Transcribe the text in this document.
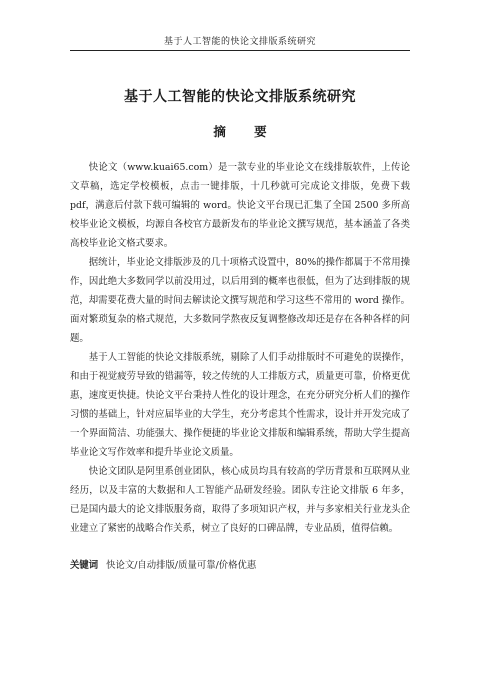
基于人工智能的快论文排版系统研究
基于人工智能的快论文排版系统研究
摘 要

快论文（www.kuai65.com）是一款专业的毕业论文在线排版软件，上传论文草稿，选定学校模板，点击一键排版，十几秒就可完成论文排版，免费下载 pdf，满意后付款下载可编辑的 word。快论文平台现已汇集了全国 2500 多所高校毕业论文模板，均源自各校官方最新发布的毕业论文撰写规范，基本涵盖了各类高校毕业论文格式要求。

据统计，毕业论文排版涉及的几十项格式设置中，80%的操作都属于不常用操作，因此绝大多数同学以前没用过，以后用到的概率也很低，但为了达到排版的规范，却需要花费大量的时间去解读论文撰写规范和学习这些不常用的 word 操作。面对繁琐复杂的格式规范，大多数同学熬夜反复调整修改却还是存在各种各样的问题。

基于人工智能的快论文排版系统，剔除了人们手动排版时不可避免的误操作，和由于视觉疲劳导致的错漏等，较之传统的人工排版方式，质量更可靠，价格更优惠，速度更快捷。快论文平台秉持人性化的设计理念，在充分研究分析人们的操作习惯的基础上，针对应届毕业的大学生，充分考虑其个性需求，设计并开发完成了一个界面简洁、功能强大、操作便捷的毕业论文排版和编辑系统，帮助大学生提高毕业论文写作效率和提升毕业论文质量。

快论文团队是阿里系创业团队，核心成员均具有较高的学历背景和互联网从业经历，以及丰富的大数据和人工智能产品研发经验。团队专注论文排版 6 年多，已是国内最大的论文排版服务商，取得了多项知识产权，并与多家相关行业龙头企业建立了紧密的战略合作关系，树立了良好的口碑品牌，专业品质，值得信赖。

关键词 快论文/自动排版/质量可靠/价格优惠
